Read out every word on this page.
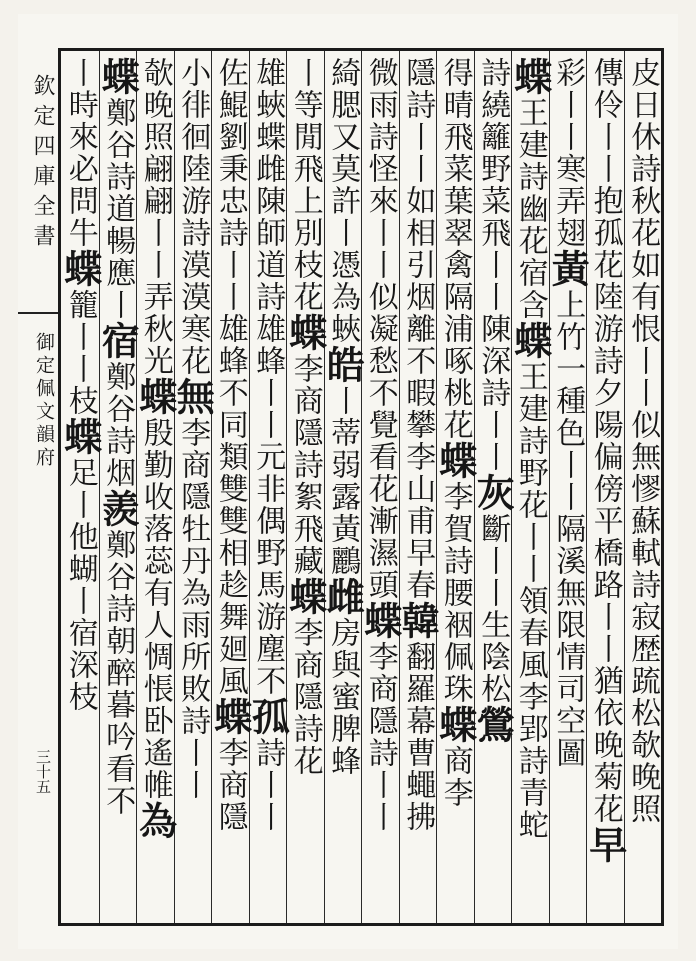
欽定四庫全書
御定佩文韻府
三十五	皮日休詩秋花如有恨丨丨似無憀蘇軾詩寂歴䟽松欹晚照
傳伶丨丨抱孤花陸游詩夕陽偏傍平橋路丨丨猶依晚菊花早
彩丨丨寒弄翅黃上竹一種色丨丨隔溪無限情司空圖
蝶王建詩幽花宿含蝶王建詩野花丨丨領春風李郢詩青蛇
詩繞籬野菜飛丨丨陳深詩丨丨灰斷丨丨生陰松鶯
得晴飛菜葉翠禽隔浦啄桃花蝶李賀詩腰裀佩珠蝶商李
隱詩丨丨如相引烟離不暇攀李山甫早春韓翻羅幕曹蠅拂
微雨詩怪來丨丨似凝愁不覺看花漸濕頭蝶李商隱詩丨丨
綺腮又莫許丨憑為蛺皓丨蒂弱露黃鸝雌房與蜜脾蜂
丨等閒飛上別枝花蝶李商隱詩絮飛藏蝶李商隱詩花
雄蛺蝶雌陳師道詩雄蜂丨丨元非偶野馬游塵不孤詩丨丨
佐鯤劉秉忠詩丨丨雄蜂不同類雙雙相趁舞廻風蝶李商隱
小徘徊陸游詩漠漠寒花無李商隱牡丹為雨所敗詩丨丨
欹晚照翩翩丨丨弄秋光蝶殷勤收落蕊有人惆悵卧遙帷為
蝶鄭谷詩道暢應丨宿鄭谷詩烟羨鄭谷詩朝醉暮吟看不
丨時來必問牛蝶籠丨丨枝蝶足丨他蝴丨宿深枝
